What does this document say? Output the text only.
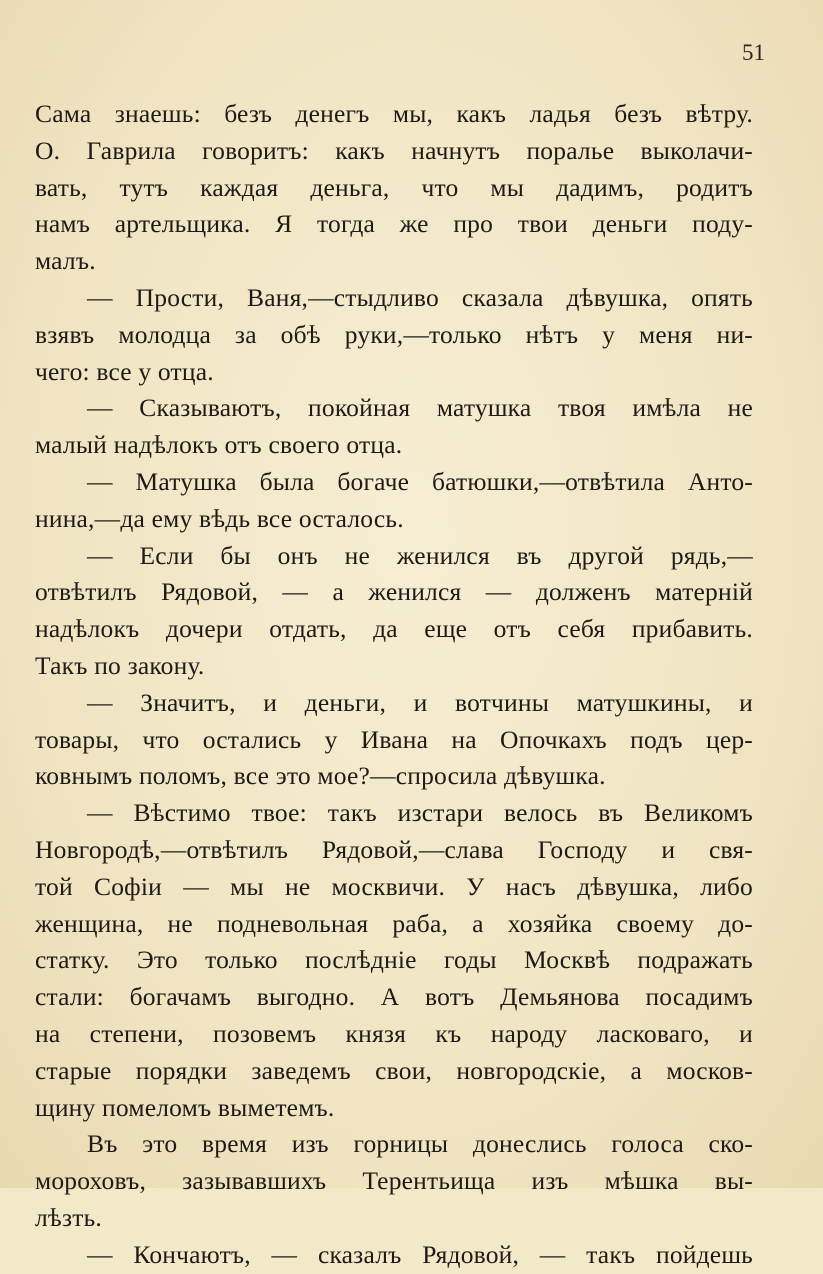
51
Сама знаешь: безъ денегъ мы, какъ ладья безъ вѣтру.
О. Гаврила говоритъ: какъ начнутъ поралье выколачи-
вать, тутъ каждая деньга, что мы дадимъ, родитъ
намъ артельщика. Я тогда же про твои деньги поду-
малъ.
— Прости, Ваня,—стыдливо сказала дѣвушка, опять
взявъ молодца за обѣ руки,—только нѣтъ у меня ни-
чего: все у отца.
— Сказываютъ, покойная матушка твоя имѣла не
малый надѣлокъ отъ своего отца.
— Матушка была богаче батюшки,—отвѣтила Анто-
нина,—да ему вѣдь все осталось.
— Если бы онъ не женился въ другой рядь,—
отвѣтилъ Рядовой, — а женился — долженъ матерній
надѣлокъ дочери отдать, да еще отъ себя прибавить.
Такъ по закону.
— Значитъ, и деньги, и вотчины матушкины, и
товары, что остались у Ивана на Опочкахъ подъ цер-
ковнымъ поломъ, все это мое?—спросила дѣвушка.
— Вѣстимо твое: такъ изстари велось въ Великомъ
Новгородѣ,—отвѣтилъ Рядовой,—слава Господу и свя-
той Софіи — мы не москвичи. У насъ дѣвушка, либо
женщина, не подневольная раба, а хозяйка своему до-
статку. Это только послѣдніе годы Москвѣ подражать
стали: богачамъ выгодно. А вотъ Демьянова посадимъ
на степени, позовемъ князя къ народу ласковаго, и
старые порядки заведемъ свои, новгородскіе, а москов-
щину помеломъ выметемъ.
Въ это время изъ горницы донеслись голоса ско-
мороховъ, зазывавшихъ Терентьища изъ мѣшка вы-
лѣзть.
— Кончаютъ, — сказалъ Рядовой, — такъ пойдешь
